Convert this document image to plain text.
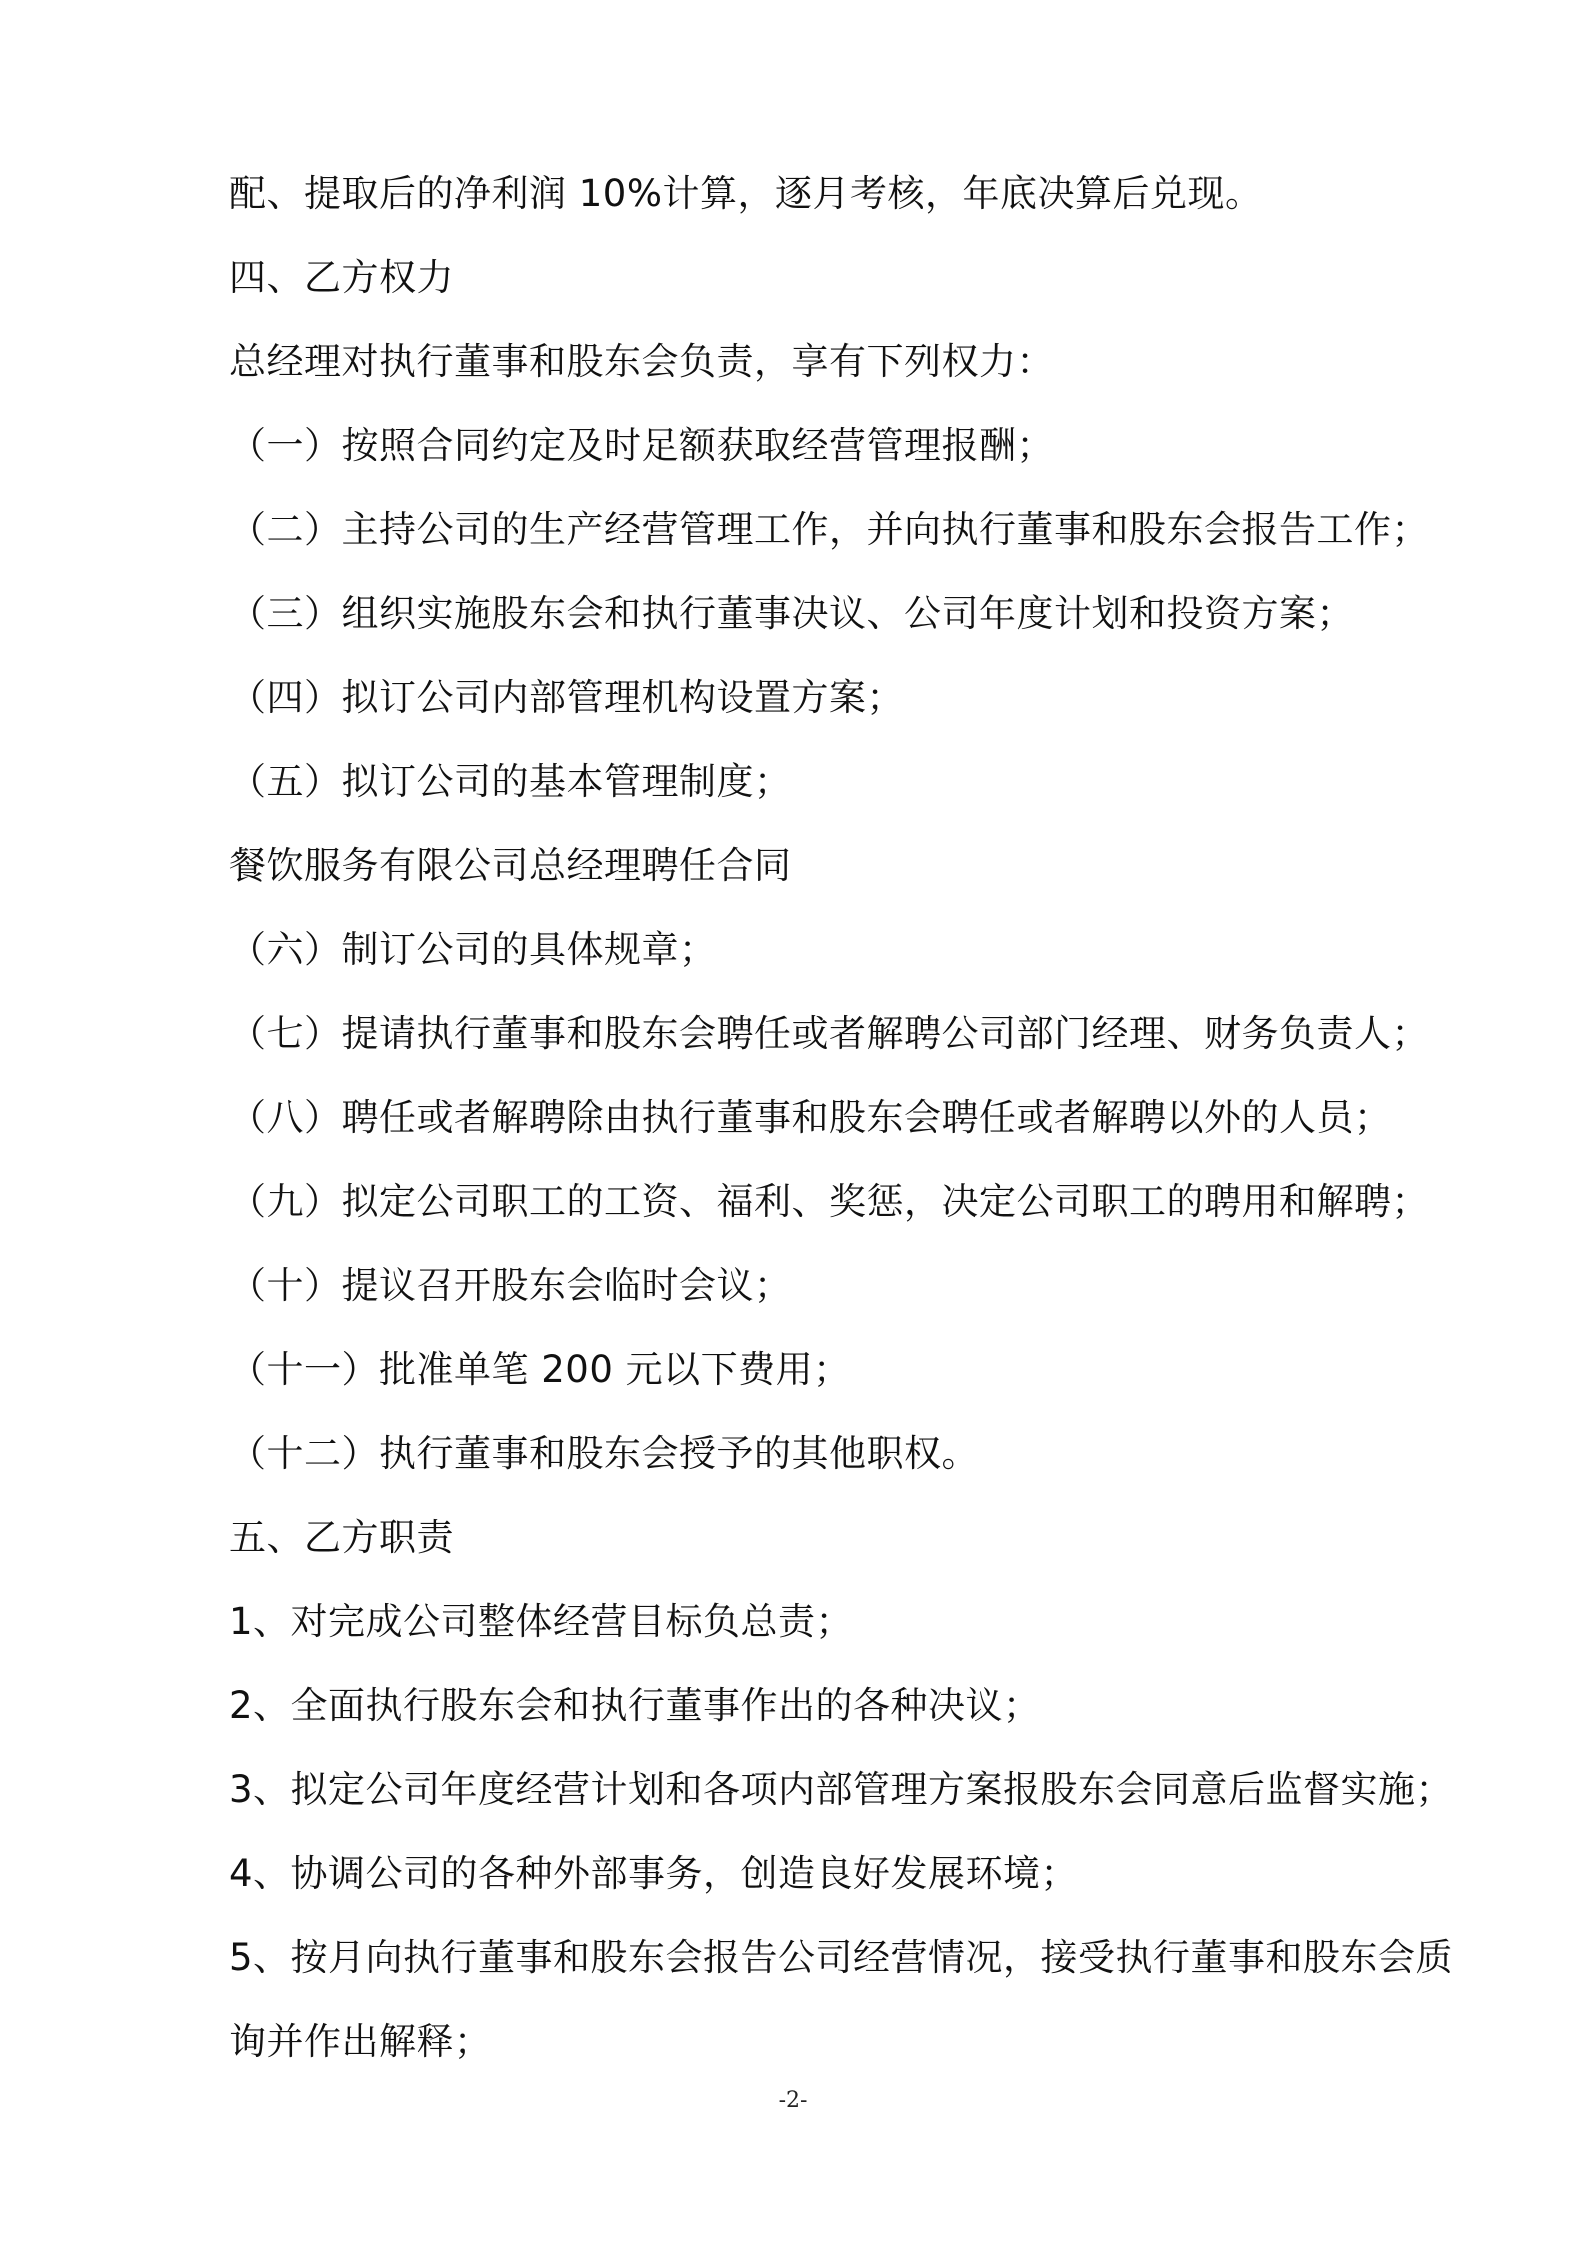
配、提取后的净利润 10%计算，逐月考核，年底决算后兑现。
四、乙方权力
总经理对执行董事和股东会负责，享有下列权力：
（一）按照合同约定及时足额获取经营管理报酬；
（二）主持公司的生产经营管理工作，并向执行董事和股东会报告工作；
（三）组织实施股东会和执行董事决议、公司年度计划和投资方案；
（四）拟订公司内部管理机构设置方案；
（五）拟订公司的基本管理制度；
餐饮服务有限公司总经理聘任合同
（六）制订公司的具体规章；
（七）提请执行董事和股东会聘任或者解聘公司部门经理、财务负责人；
（八）聘任或者解聘除由执行董事和股东会聘任或者解聘以外的人员；
（九）拟定公司职工的工资、福利、奖惩，决定公司职工的聘用和解聘；
（十）提议召开股东会临时会议；
（十一）批准单笔 200 元以下费用；
（十二）执行董事和股东会授予的其他职权。
五、乙方职责
1、对完成公司整体经营目标负总责；
2、全面执行股东会和执行董事作出的各种决议；
3、拟定公司年度经营计划和各项内部管理方案报股东会同意后监督实施；
4、协调公司的各种外部事务，创造良好发展环境；
5、按月向执行董事和股东会报告公司经营情况，接受执行董事和股东会质询并作出解释；
-2-
